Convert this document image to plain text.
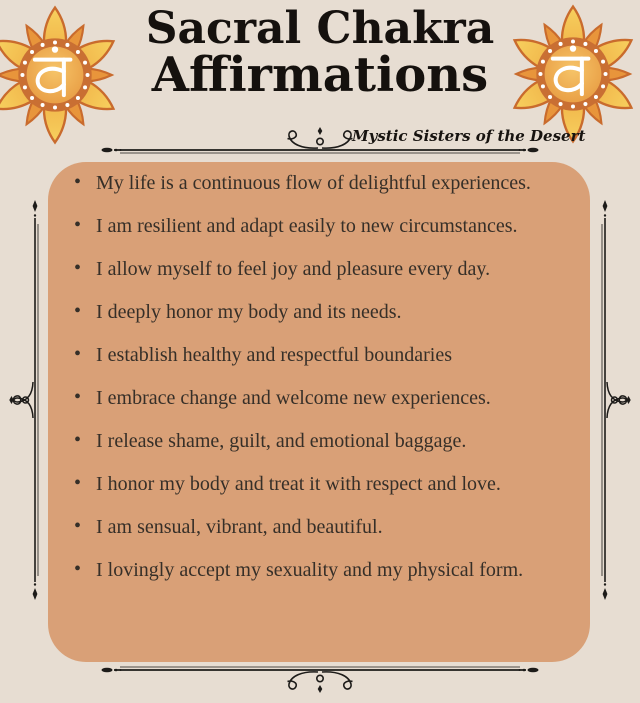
Sacral Chakra
Affirmations
Mystic Sisters of the Desert
• My life is a continuous flow of delightful experiences.
• I am resilient and adapt easily to new circumstances.
• I allow myself to feel joy and pleasure every day.
• I deeply honor my body and its needs.
• I establish healthy and respectful boundaries
• I embrace change and welcome new experiences.
• I release shame, guilt, and emotional baggage.
• I honor my body and treat it with respect and love.
• I am sensual, vibrant, and beautiful.
• I lovingly accept my sexuality and my physical form.
